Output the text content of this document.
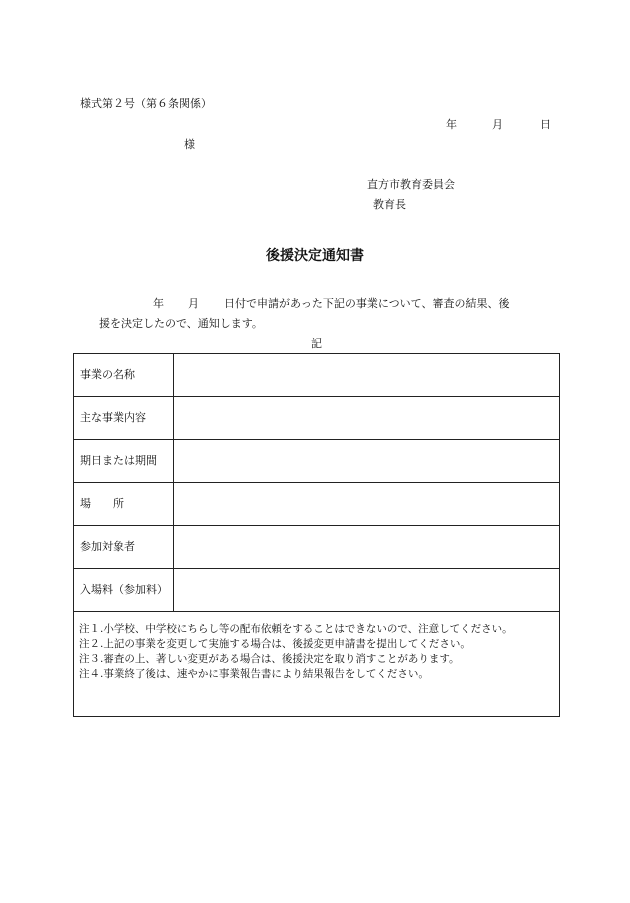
様式第２号（第６条関係）
年	月	日
様
直方市教育委員会
教育長
後援決定通知書
年 月 日付で申請があった下記の事業について、審査の結果、後
援を決定したので、通知します。
記
事業の名称	
主な事業内容	
期日または期間	
場　　所	
参加対象者	
入場料（参加料）	

注１.小学校、中学校にちらし等の配布依頼をすることはできないので、注意してください。
注２.上記の事業を変更して実施する場合は、後援変更申請書を提出してください。
注３.審査の上、著しい変更がある場合は、後援決定を取り消すことがあります。
注４.事業終了後は、速やかに事業報告書により結果報告をしてください。	
